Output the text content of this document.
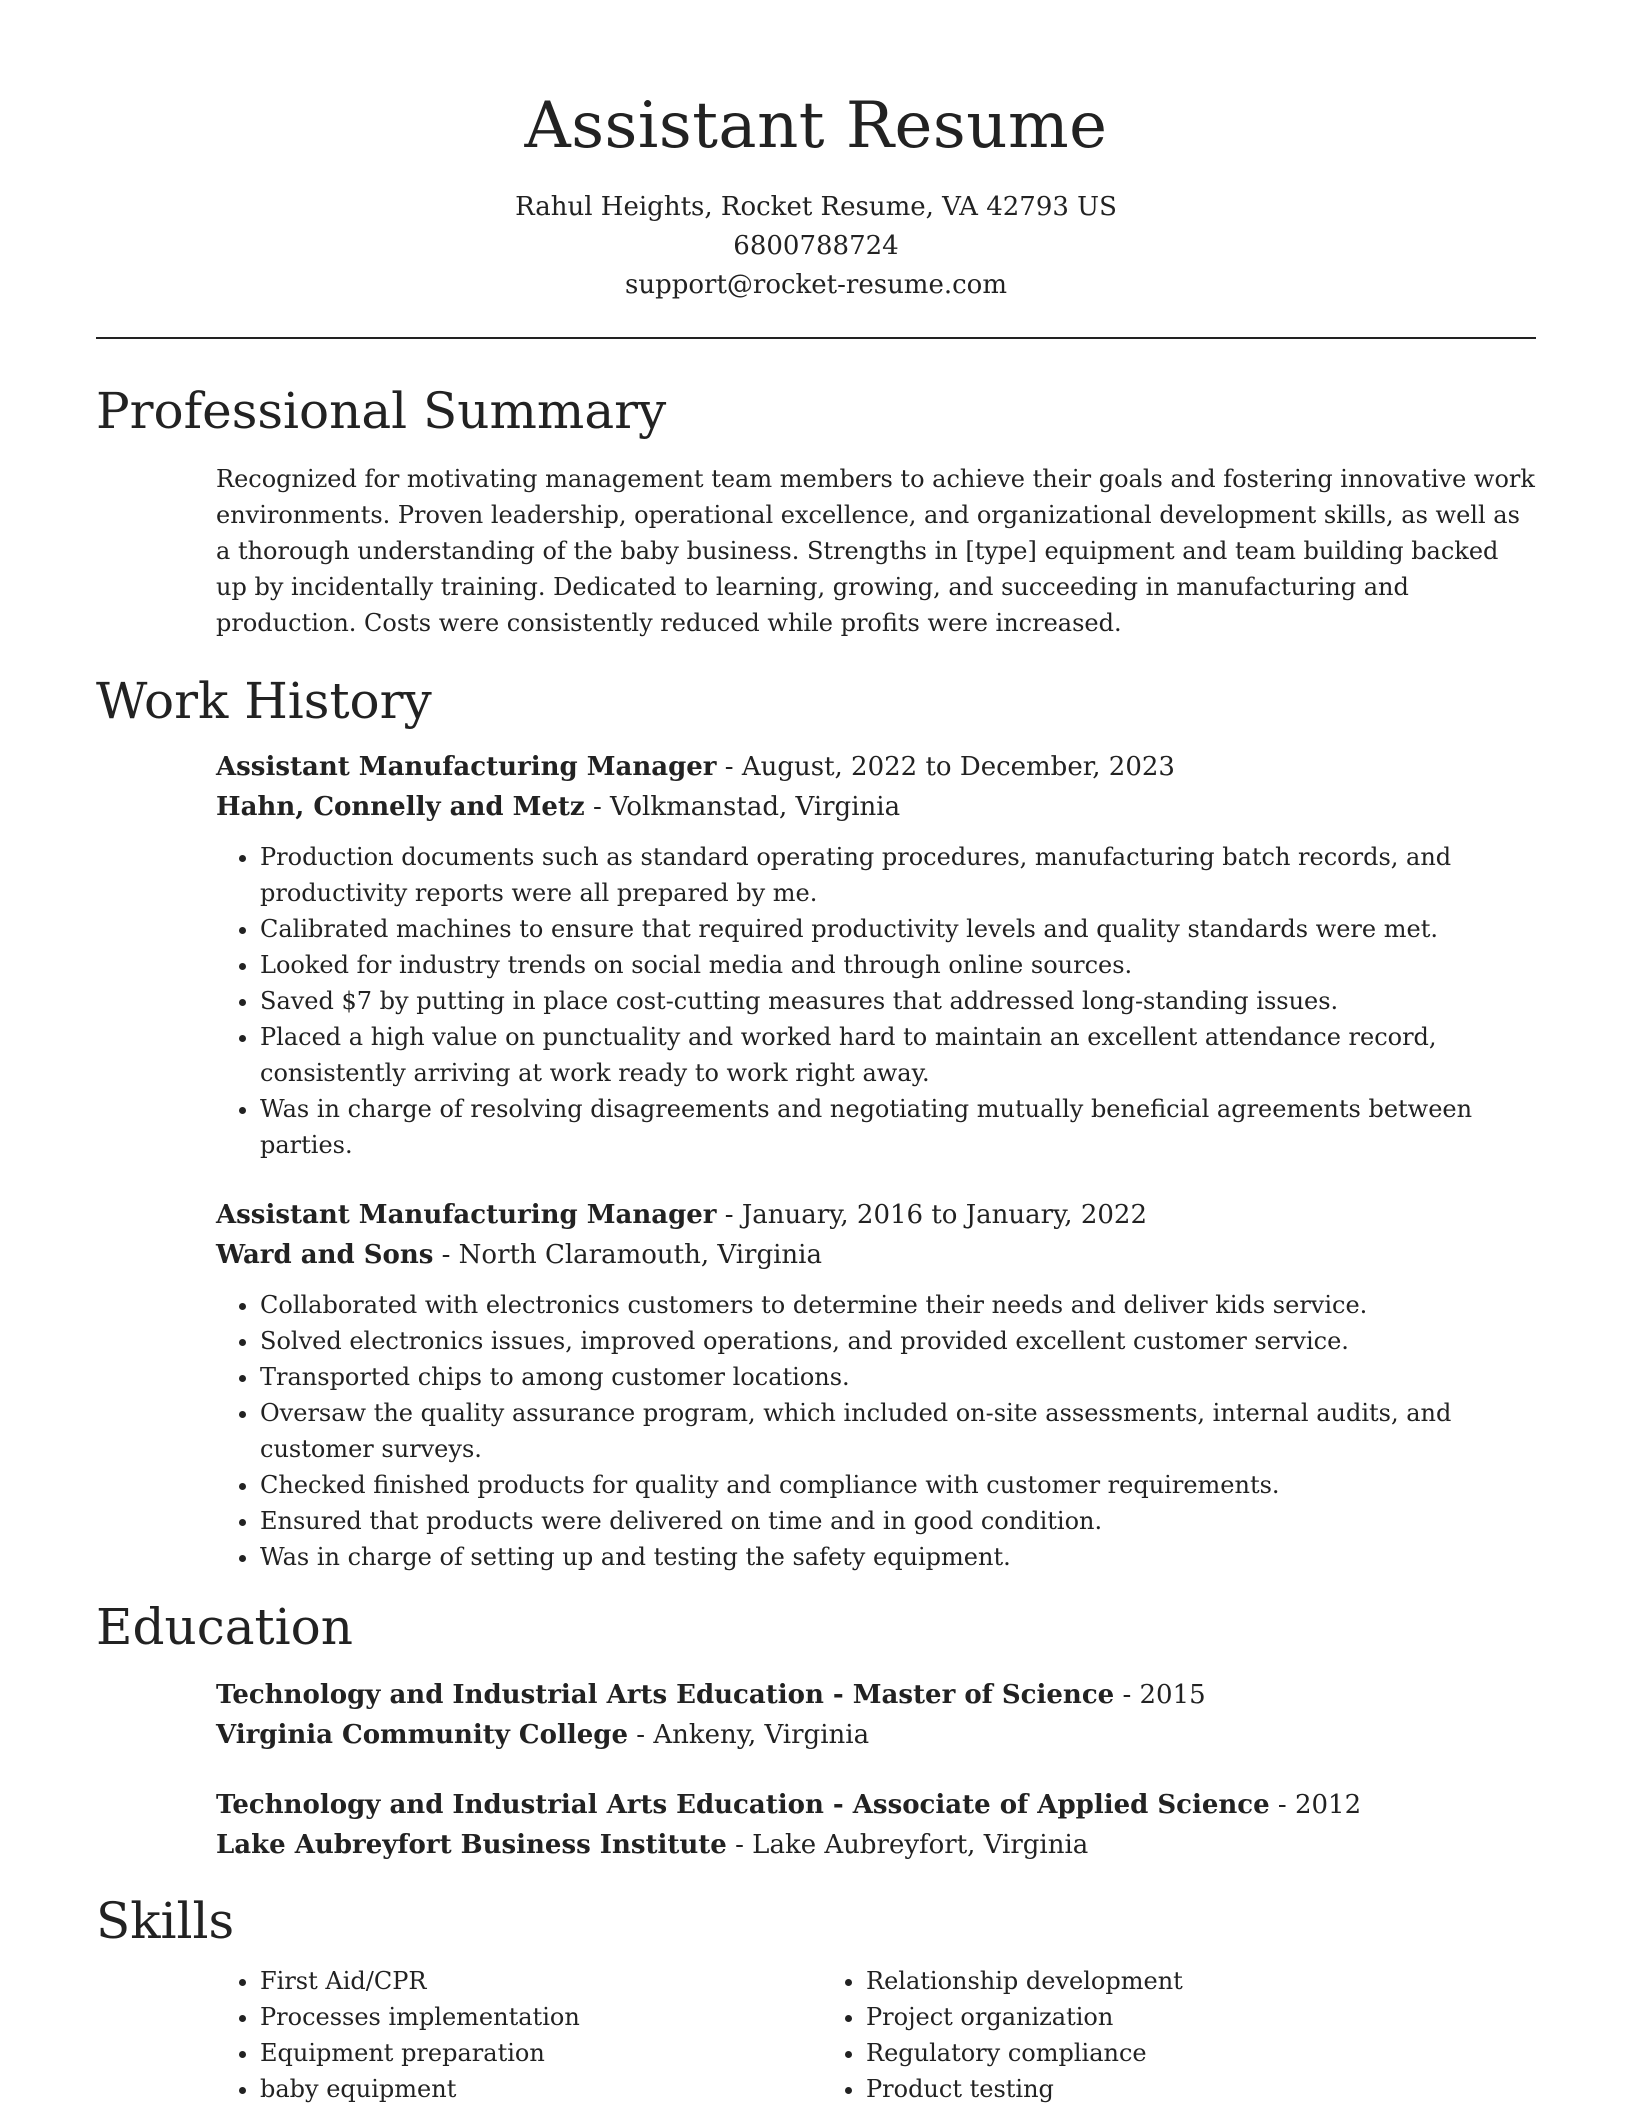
Assistant Resume
Rahul Heights, Rocket Resume, VA 42793 US
6800788724
support@rocket-resume.com
Professional Summary

Recognized for motivating management team members to achieve their goals and fostering innovative work environments. Proven leadership, operational excellence, and organizational development skills, as well as a thorough understanding of the baby business. Strengths in [type] equipment and team building backed up by incidentally training. Dedicated to learning, growing, and succeeding in manufacturing and production. Costs were consistently reduced while profits were increased.

Work History
Assistant Manufacturing Manager - August, 2022 to December, 2023
Hahn, Connelly and Metz - Volkmanstad, Virginia
• Production documents such as standard operating procedures, manufacturing batch records, and productivity reports were all prepared by me.
• Calibrated machines to ensure that required productivity levels and quality standards were met.
• Looked for industry trends on social media and through online sources.
• Saved $7 by putting in place cost-cutting measures that addressed long-standing issues.
• Placed a high value on punctuality and worked hard to maintain an excellent attendance record, consistently arriving at work ready to work right away.
• Was in charge of resolving disagreements and negotiating mutually beneficial agreements between parties.
Assistant Manufacturing Manager - January, 2016 to January, 2022
Ward and Sons - North Claramouth, Virginia
• Collaborated with electronics customers to determine their needs and deliver kids service.
• Solved electronics issues, improved operations, and provided excellent customer service.
• Transported chips to among customer locations.
• Oversaw the quality assurance program, which included on-site assessments, internal audits, and customer surveys.
• Checked finished products for quality and compliance with customer requirements.
• Ensured that products were delivered on time and in good condition.
• Was in charge of setting up and testing the safety equipment.
Education
Technology and Industrial Arts Education - Master of Science - 2015
Virginia Community College - Ankeny, Virginia
Technology and Industrial Arts Education - Associate of Applied Science - 2012
Lake Aubreyfort Business Institute - Lake Aubreyfort, Virginia
Skills
• First Aid/CPR
• Processes implementation
• Equipment preparation
• baby equipment
• Relationship development
• Project organization
• Regulatory compliance
• Product testing
